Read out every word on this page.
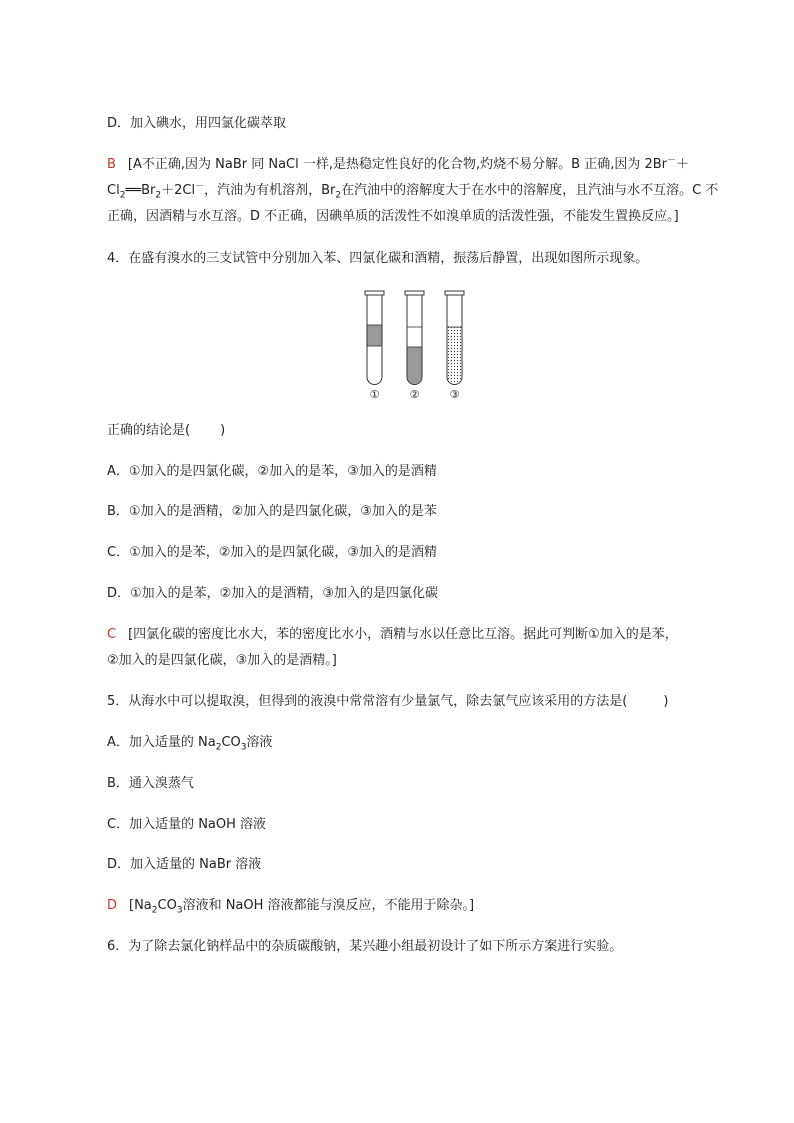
D．加入碘水，用四氯化碳萃取
B [A不正确,因为 NaBr 同 NaCl 一样,是热稳定性良好的化合物,灼烧不易分解。B 正确,因为 2Br－＋
$Cl_2══Br_2+2Cl^-$，汽油为有机溶剂，$Br_2$在汽油中的溶解度大于在水中的溶解度，且汽油与水不互溶。C 不
正确，因酒精与水互溶。D 不正确，因碘单质的活泼性不如溴单质的活泼性强，不能发生置换反应。]
4．在盛有溴水的三支试管中分别加入苯、四氯化碳和酒精，振荡后静置，出现如图所示现象。
①	②	③
正确的结论是( )
A．①加入的是四氯化碳，②加入的是苯，③加入的是酒精
B．①加入的是酒精，②加入的是四氯化碳，③加入的是苯
C．①加入的是苯，②加入的是四氯化碳，③加入的是酒精
D．①加入的是苯，②加入的是酒精，③加入的是四氯化碳
C [四氯化碳的密度比水大，苯的密度比水小，酒精与水以任意比互溶。据此可判断①加入的是苯，
②加入的是四氯化碳，③加入的是酒精。]
5．从海水中可以提取溴，但得到的液溴中常常溶有少量氯气，除去氯气应该采用的方法是(	)
A．加入适量的 $Na_2CO_3$溶液
B．通入溴蒸气
C．加入适量的 NaOH 溶液
D．加入适量的 NaBr 溶液
D [$Na_2CO_3$溶液和 NaOH 溶液都能与溴反应，不能用于除杂。]
6．为了除去氯化钠样品中的杂质碳酸钠，某兴趣小组最初设计了如下所示方案进行实验。
